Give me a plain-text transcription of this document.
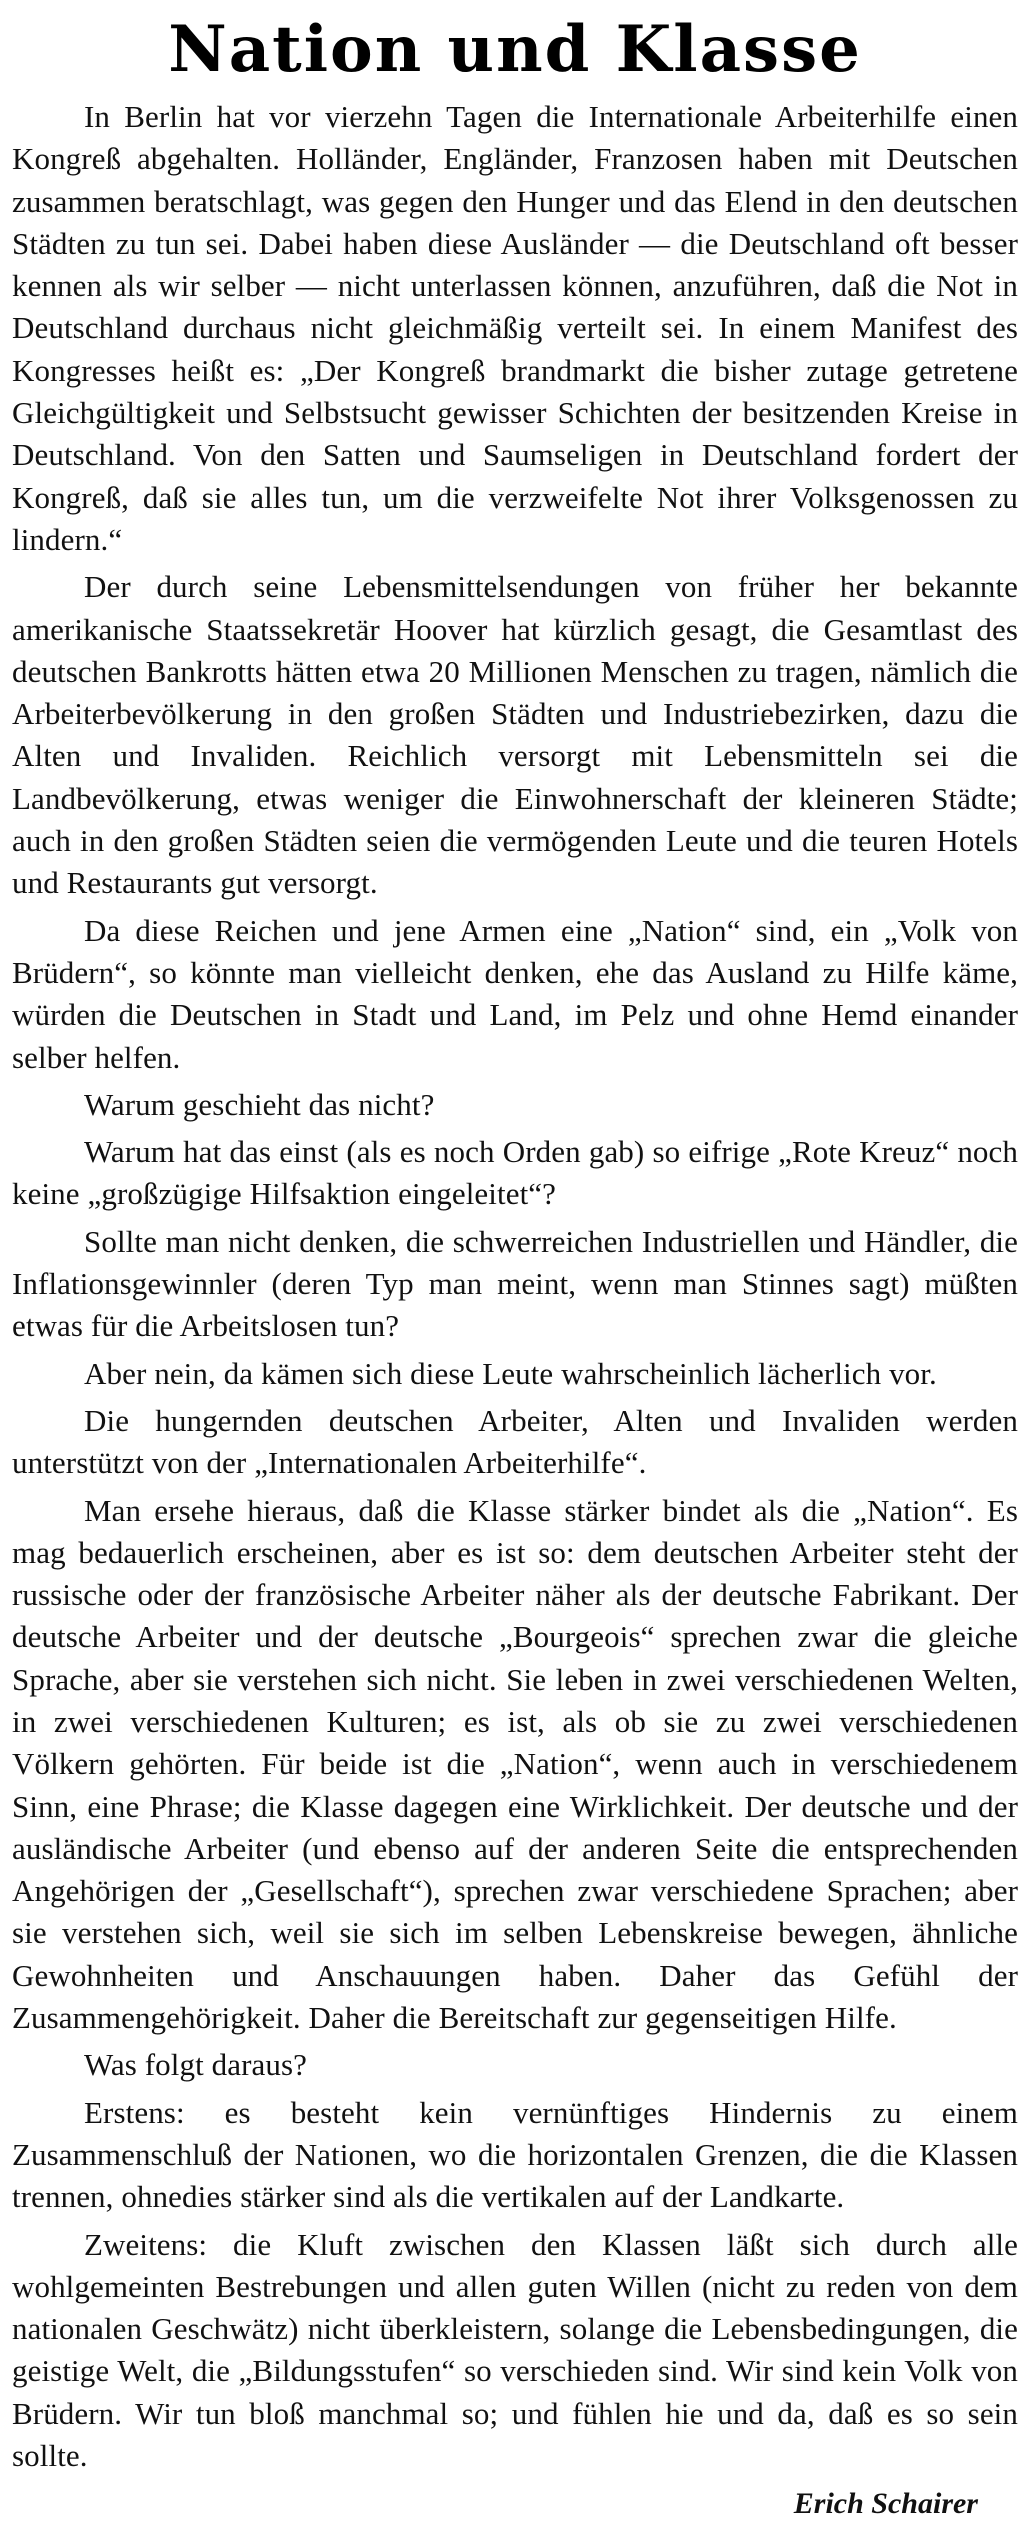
Nation und Klasse

In Berlin hat vor vierzehn Tagen die Internationale Arbeiterhilfe einen Kongreß abgehalten. Holländer, Engländer, Franzosen haben mit Deutschen zusammen beratschlagt, was gegen den Hunger und das Elend in den deutschen Städten zu tun sei. Dabei haben diese Ausländer — die Deutschland oft besser kennen als wir selber — nicht unterlassen können, anzuführen, daß die Not in Deutschland durchaus nicht gleichmäßig verteilt sei. In einem Manifest des Kongresses heißt es: „Der Kongreß brandmarkt die bisher zutage getretene Gleichgültigkeit und Selbstsucht gewisser Schichten der besitzenden Kreise in Deutschland. Von den Satten und Saumseligen in Deutschland fordert der Kongreß, daß sie alles tun, um die verzweifelte Not ihrer Volksgenossen zu lindern.“

Der durch seine Lebensmittelsendungen von früher her bekannte amerikanische Staatssekretär Hoover hat kürzlich gesagt, die Gesamtlast des deutschen Bankrotts hätten etwa 20 Millionen Menschen zu tragen, nämlich die Arbeiterbevölkerung in den großen Städten und Industriebezirken, dazu die Alten und Invaliden. Reichlich versorgt mit Lebensmitteln sei die Landbevölkerung, etwas weniger die Einwohnerschaft der kleineren Städte; auch in den großen Städten seien die vermögenden Leute und die teuren Hotels und Restaurants gut versorgt.

Da diese Reichen und jene Armen eine „Nation“ sind, ein „Volk von Brüdern“, so könnte man vielleicht denken, ehe das Ausland zu Hilfe käme, würden die Deutschen in Stadt und Land, im Pelz und ohne Hemd einander selber helfen.

Warum geschieht das nicht?

Warum hat das einst (als es noch Orden gab) so eifrige „Rote Kreuz“ noch keine „großzügige Hilfsaktion eingeleitet“?

Sollte man nicht denken, die schwerreichen Industriellen und Händler, die Inflationsgewinnler (deren Typ man meint, wenn man Stinnes sagt) müßten etwas für die Arbeitslosen tun?

Aber nein, da kämen sich diese Leute wahrscheinlich lächerlich vor.

Die hungernden deutschen Arbeiter, Alten und Invaliden werden unterstützt von der „Internationalen Arbeiterhilfe“.

Man ersehe hieraus, daß die Klasse stärker bindet als die „Nation“. Es mag bedauerlich erscheinen, aber es ist so: dem deutschen Arbeiter steht der russische oder der französische Arbeiter näher als der deutsche Fabrikant. Der deutsche Arbeiter und der deutsche „Bourgeois“ sprechen zwar die gleiche Sprache, aber sie verstehen sich nicht. Sie leben in zwei verschiedenen Welten, in zwei verschiedenen Kulturen; es ist, als ob sie zu zwei verschiedenen Völkern gehörten. Für beide ist die „Nation“, wenn auch in verschiedenem Sinn, eine Phrase; die Klasse dagegen eine Wirklichkeit. Der deutsche und der ausländische Arbeiter (und ebenso auf der anderen Seite die entsprechenden Angehörigen der „Gesellschaft“), sprechen zwar verschiedene Sprachen; aber sie verstehen sich, weil sie sich im selben Lebenskreise bewegen, ähnliche Gewohnheiten und Anschauungen haben. Daher das Gefühl der Zusammengehörigkeit. Daher die Bereitschaft zur gegenseitigen Hilfe.

Was folgt daraus?

Erstens: es besteht kein vernünftiges Hindernis zu einem Zusammenschluß der Nationen, wo die horizontalen Grenzen, die die Klassen trennen, ohnedies stärker sind als die vertikalen auf der Landkarte.

Zweitens: die Kluft zwischen den Klassen läßt sich durch alle wohlgemeinten Bestrebungen und allen guten Willen (nicht zu reden von dem nationalen Geschwätz) nicht überkleistern, solange die Lebensbedingungen, die geistige Welt, die „Bildungsstufen“ so verschieden sind. Wir sind kein Volk von Brüdern. Wir tun bloß manchmal so; und fühlen hie und da, daß es so sein sollte.

Erich Schairer
